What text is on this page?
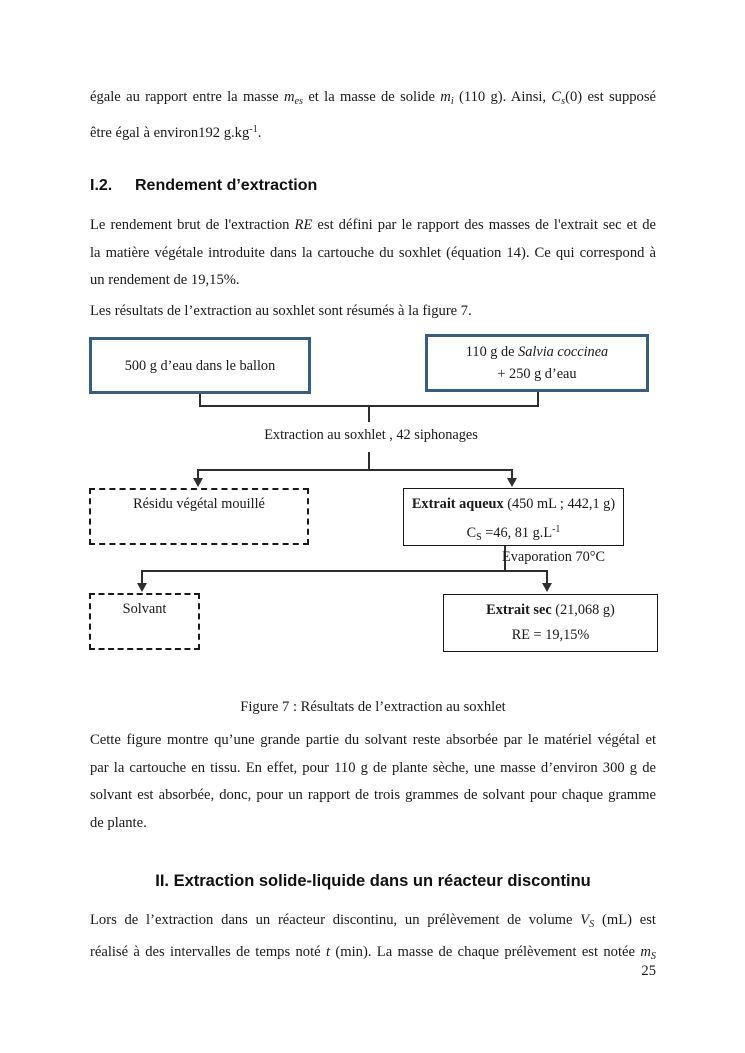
égale au rapport entre la masse $m_{es}$ et la masse de solide $m_i$ (110 g). Ainsi, $C_s(0)$ est supposé
être égal à environ192 $g.kg^{-1}$.
I.2.	Rendement d’extraction
Le rendement brut de l'extraction RE est défini par le rapport des masses de l'extrait sec et de
la matière végétale introduite dans la cartouche du soxhlet (équation 14). Ce qui correspond à
un rendement de 19,15%.
Les résultats de l’extraction au soxhlet sont résumés à la figure 7.
500 g d’eau dans le ballon
110 g de Salvia coccinea
+ 250 g d’eau
Extraction au soxhlet , 42 siphonages
Résidu végétal mouillé	Extrait aqueux (450 mL ; 442,1 g)
$C_S =46$, 81 $g.L^{-1}$
Evaporation 70°C
Solvant	Extrait sec (21,068 g)
RE = 19,15%
Figure 7 : Résultats de l’extraction au soxhlet
Cette figure montre qu’une grande partie du solvant reste absorbée par le matériel végétal et
par la cartouche en tissu. En effet, pour 110 g de plante sèche, une masse d’environ 300 g de
solvant est absorbée, donc, pour un rapport de trois grammes de solvant pour chaque gramme
de plante.
II. Extraction solide-liquide dans un réacteur discontinu
Lors de l’extraction dans un réacteur discontinu, un prélèvement de volume $V_S$ (mL) est
réalisé à des intervalles de temps noté t (min). La masse de chaque prélèvement est notée $m_S$
25
